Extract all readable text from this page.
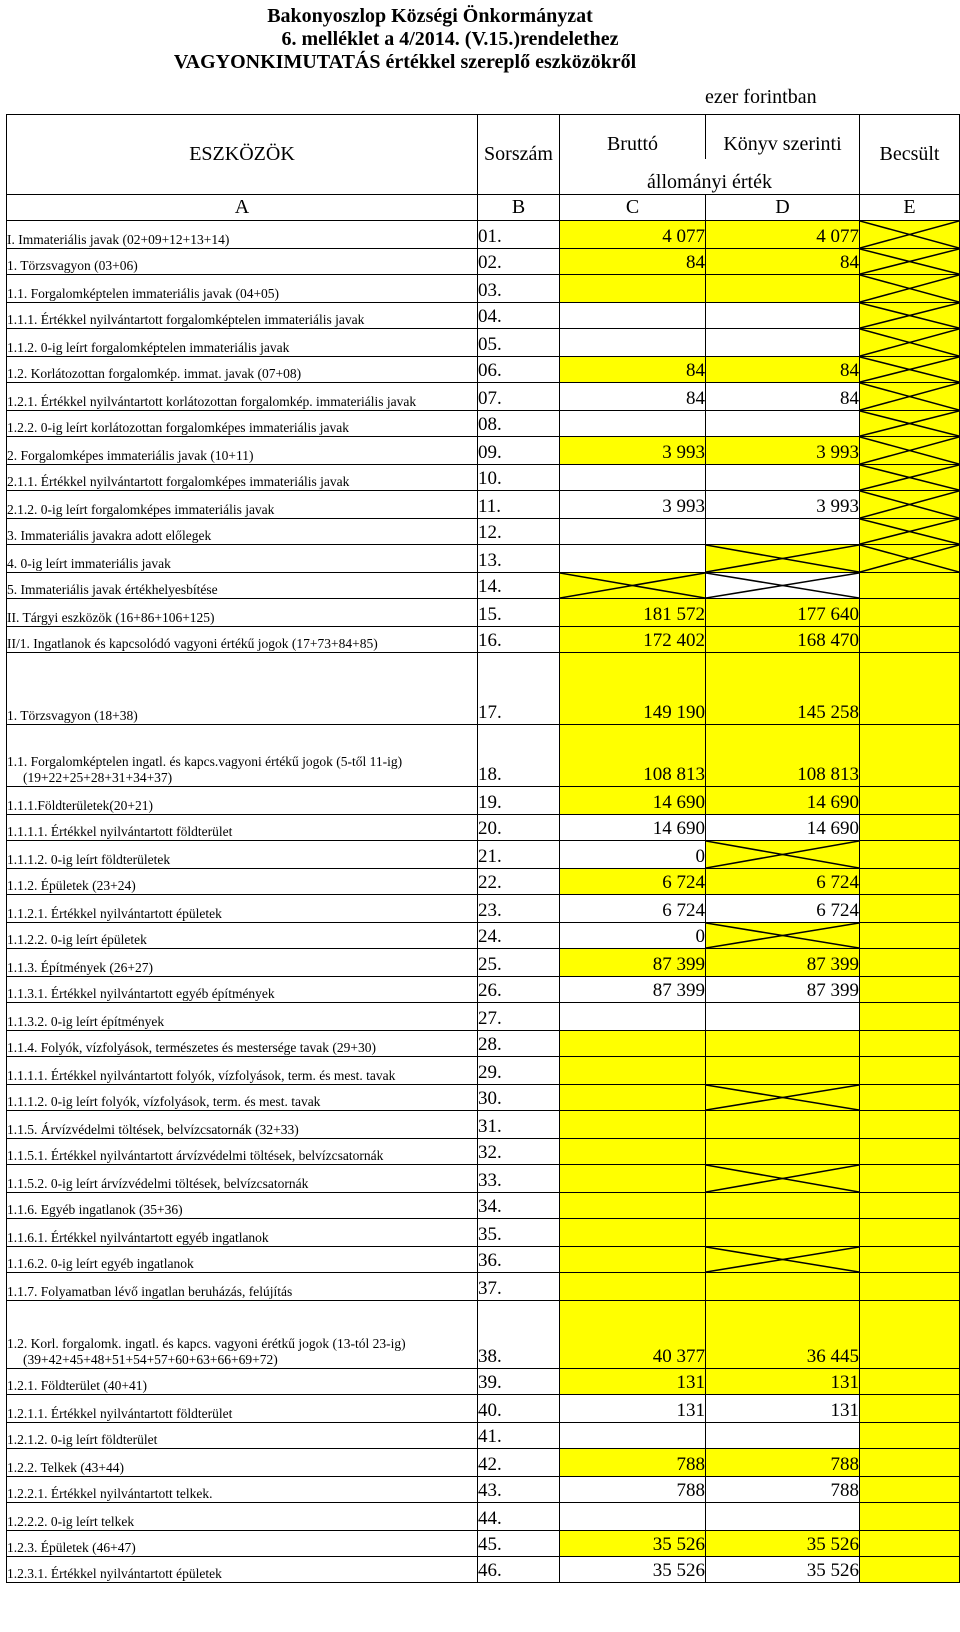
Bakonyoszlop Községi Önkormányzat
6. melléklet a 4/2014. (V.15.)rendelethez
VAGYONKIMUTATÁS értékkel szereplő eszközökről
ezer forintban
ESZKÖZÖK	Sorszám	Bruttó	Könyv szerinti	Becsült
		állományi érték		
A	B	C	D	E
I. Immateriális javak (02+09+12+13+14)	01.	4 077	4 077	

1. Törzsvagyon (03+06)	02.	84	84	

1.1. Forgalomképtelen immateriális javak (04+05)	03.			

1.1.1. Értékkel nyilvántartott forgalomképtelen immateriális javak	04.			

1.1.2. 0-ig leírt forgalomképtelen immateriális javak	05.			

1.2. Korlátozottan forgalomkép. immat. javak (07+08)	06.	84	84	

1.2.1. Értékkel nyilvántartott korlátozottan forgalomkép. immateriális javak	07.	84	84	

1.2.2. 0-ig leírt korlátozottan forgalomképes immateriális javak	08.			

2. Forgalomképes immateriális javak (10+11)	09.	3 993	3 993	

2.1.1. Értékkel nyilvántartott forgalomképes immateriális javak	10.			

2.1.2. 0-ig leírt forgalomképes immateriális javak	11.	3 993	3 993	

3. Immateriális javakra adott előlegek	12.			

4. 0-ig leírt immateriális javak	13.		

5. Immateriális javak értékhelyesbítése	14.	

II. Tárgyi eszközök (16+86+106+125)	15.	181 572	177 640	
II/1. Ingatlanok és kapcsolódó vagyoni értékű jogok (17+73+84+85)	16.	172 402	168 470	
1. Törzsvagyon (18+38)	17.	149 190	145 258	

1.1. Forgalomképtelen ingatl. és kapcs.vagyoni értékű jogok (5-től 11-ig)
(19+22+25+28+31+34+37)	18.	108 813	108 813	
1.1.1.Földterületek(20+21)	19.	14 690	14 690	
1.1.1.1. Értékkel nyilvántartott földterület	20.	14 690	14 690	
1.1.1.2. 0-ig leírt földterületek	21.	0	

1.1.2. Épületek (23+24)	22.	6 724	6 724	
1.1.2.1. Értékkel nyilvántartott épületek	23.	6 724	6 724	
1.1.2.2. 0-ig leírt épületek	24.	0	

1.1.3. Építmények (26+27)	25.	87 399	87 399	
1.1.3.1. Értékkel nyilvántartott egyéb építmények	26.	87 399	87 399	
1.1.3.2. 0-ig leírt építmények	27.			
1.1.4. Folyók, vízfolyások, természetes és mestersége tavak (29+30)	28.			
1.1.1.1. Értékkel nyilvántartott folyók, vízfolyások, term. és mest. tavak	29.			
1.1.1.2. 0-ig leírt folyók, vízfolyások, term. és mest. tavak	30.		

1.1.5. Árvízvédelmi töltések, belvízcsatornák (32+33)	31.			
1.1.5.1. Értékkel nyilvántartott árvízvédelmi töltések, belvízcsatornák	32.			
1.1.5.2. 0-ig leírt árvízvédelmi töltések, belvízcsatornák	33.		

1.1.6. Egyéb ingatlanok (35+36)	34.			
1.1.6.1. Értékkel nyilvántartott egyéb ingatlanok	35.			
1.1.6.2. 0-ig leírt egyéb ingatlanok	36.		

1.1.7. Folyamatban lévő ingatlan beruházás, felújítás	37.			

1.2. Korl. forgalomk. ingatl. és kapcs. vagyoni érétkű jogok (13-tól 23-ig)
(39+42+45+48+51+54+57+60+63+66+69+72)	38.	40 377	36 445	
1.2.1. Földterület (40+41)	39.	131	131	
1.2.1.1. Értékkel nyilvántartott földterület	40.	131	131	
1.2.1.2. 0-ig leírt földterület	41.			
1.2.2. Telkek (43+44)	42.	788	788	
1.2.2.1. Értékkel nyilvántartott telkek.	43.	788	788	
1.2.2.2. 0-ig leírt telkek	44.			
1.2.3. Épületek (46+47)	45.	35 526	35 526	
1.2.3.1. Értékkel nyilvántartott épületek	46.	35 526	35 526	
